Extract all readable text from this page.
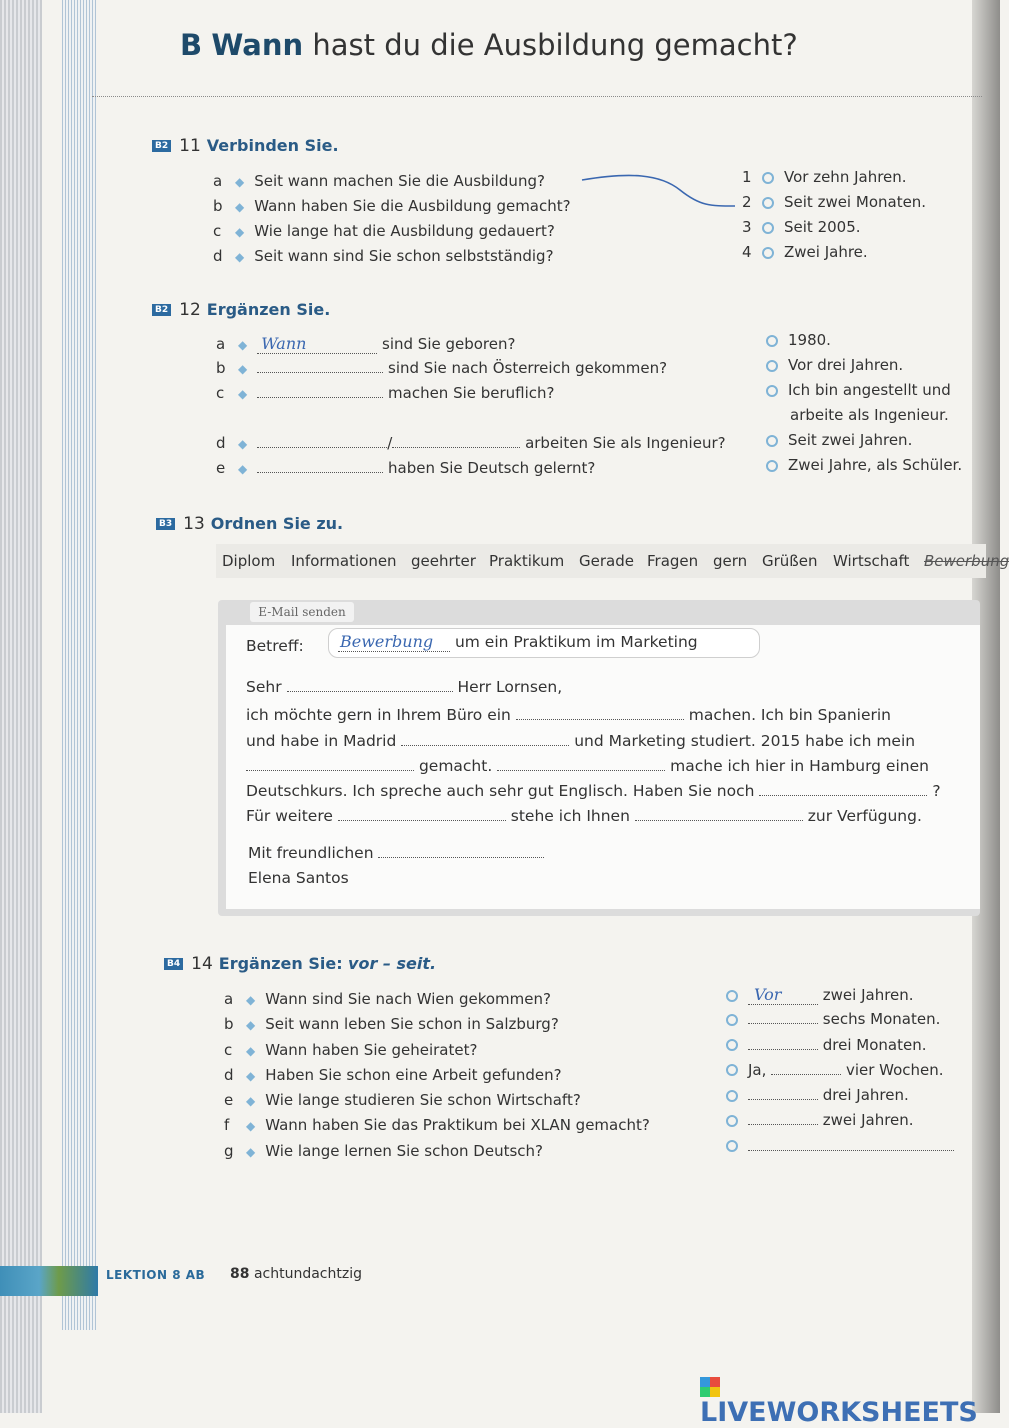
B Wann hast du die Ausbildung gemacht?
B2 11 Verbinden Sie.
a ◆ Seit wann machen Sie die Ausbildung?
b ◆ Wann haben Sie die Ausbildung gemacht?
c ◆ Wie lange hat die Ausbildung gedauert?
d ◆ Seit wann sind Sie schon selbstständig?
1 Vor zehn Jahren.
2 Seit zwei Monaten.
3 Seit 2005.
4 Zwei Jahre.
B2 12 Ergänzen Sie.
a ◆ Wann	sind Sie geboren?
b ◆	sind Sie nach Österreich gekommen?
c ◆	machen Sie beruflich?
d ◆	/	arbeiten Sie als Ingenieur?
e ◆	haben Sie Deutsch gelernt?
1980.
Vor drei Jahren.
Ich bin angestellt und
arbeite als Ingenieur.
Seit zwei Jahren.
Zwei Jahre, als Schüler.
B3 13 Ordnen Sie zu.
Diplom Informationen geehrter Praktikum Gerade Fragen gern Grüßen Wirtschaft Bewerbung
E-Mail senden
Betreff: Bewerbung um ein Praktikum im Marketing
Sehr	Herr Lornsen,
ich möchte gern in Ihrem Büro ein	machen. Ich bin Spanierin
und habe in Madrid	und Marketing studiert. 2015 habe ich mein
gemacht.	mache ich hier in Hamburg einen
Deutschkurs. Ich spreche auch sehr gut Englisch. Haben Sie noch	?
Für weitere	stehe ich Ihnen	zur Verfügung.
Mit freundlichen
Elena Santos
B4 14 Ergänzen Sie: vor – seit.
a ◆ Wann sind Sie nach Wien gekommen?
b ◆ Seit wann leben Sie schon in Salzburg?
c ◆ Wann haben Sie geheiratet?
d ◆ Haben Sie schon eine Arbeit gefunden?
e ◆ Wie lange studieren Sie schon Wirtschaft?
f ◆ Wann haben Sie das Praktikum bei XLAN gemacht?
g ◆ Wie lange lernen Sie schon Deutsch?
Vor	zwei Jahren.
sechs Monaten.
drei Monaten.
Ja,	vier Wochen.
drei Jahren.
zwei Jahren.
LEKTION 8 AB 88 achtundachtzig
LIVEWORKSHEETS
